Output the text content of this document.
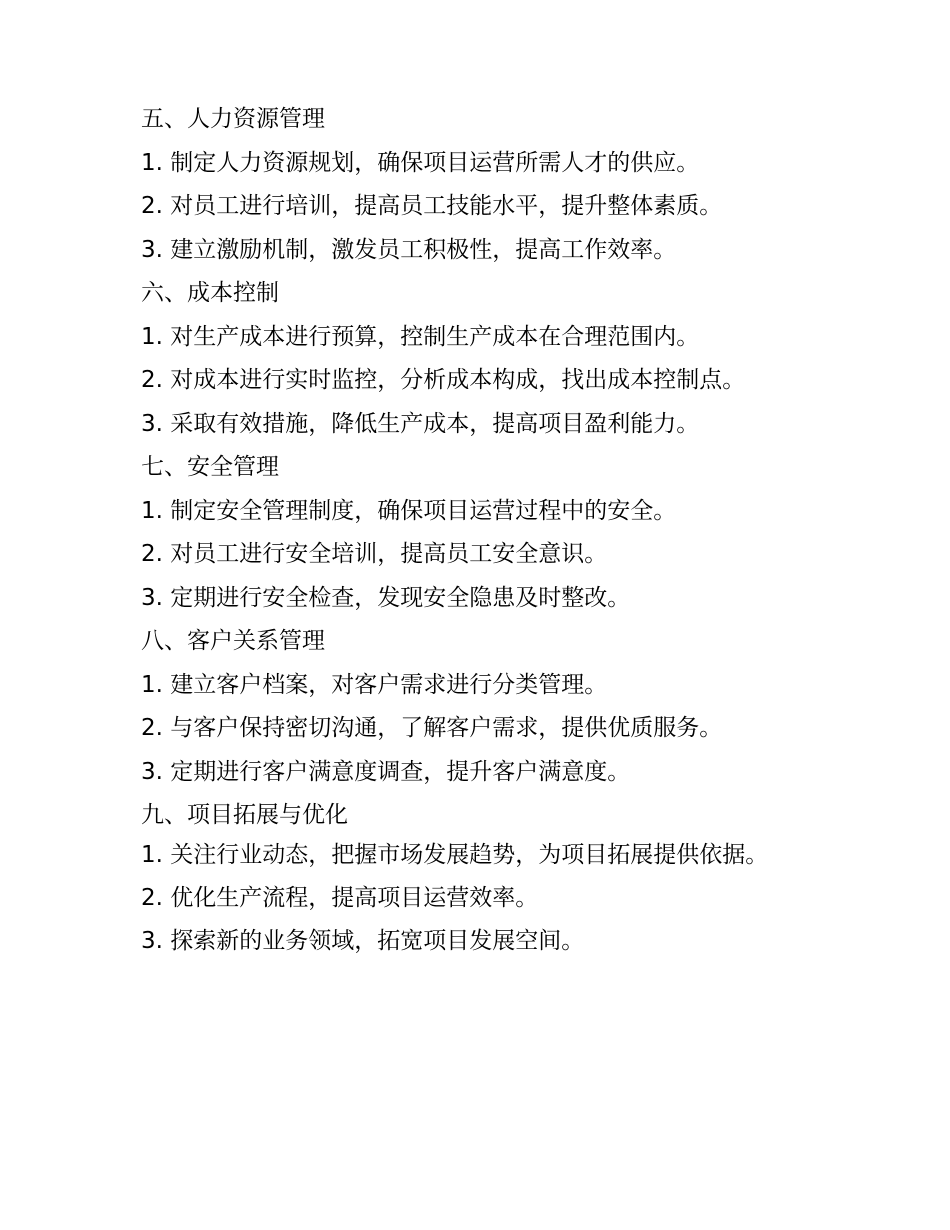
五、人力资源管理
1. 制定人力资源规划，确保项目运营所需人才的供应。
2. 对员工进行培训，提高员工技能水平，提升整体素质。
3. 建立激励机制，激发员工积极性，提高工作效率。
六、成本控制
1. 对生产成本进行预算，控制生产成本在合理范围内。
2. 对成本进行实时监控，分析成本构成，找出成本控制点。
3. 采取有效措施，降低生产成本，提高项目盈利能力。
七、安全管理
1. 制定安全管理制度，确保项目运营过程中的安全。
2. 对员工进行安全培训，提高员工安全意识。
3. 定期进行安全检查，发现安全隐患及时整改。
八、客户关系管理
1. 建立客户档案，对客户需求进行分类管理。
2. 与客户保持密切沟通，了解客户需求，提供优质服务。
3. 定期进行客户满意度调查，提升客户满意度。
九、项目拓展与优化
1. 关注行业动态，把握市场发展趋势，为项目拓展提供依据。
2. 优化生产流程，提高项目运营效率。
3. 探索新的业务领域，拓宽项目发展空间。
